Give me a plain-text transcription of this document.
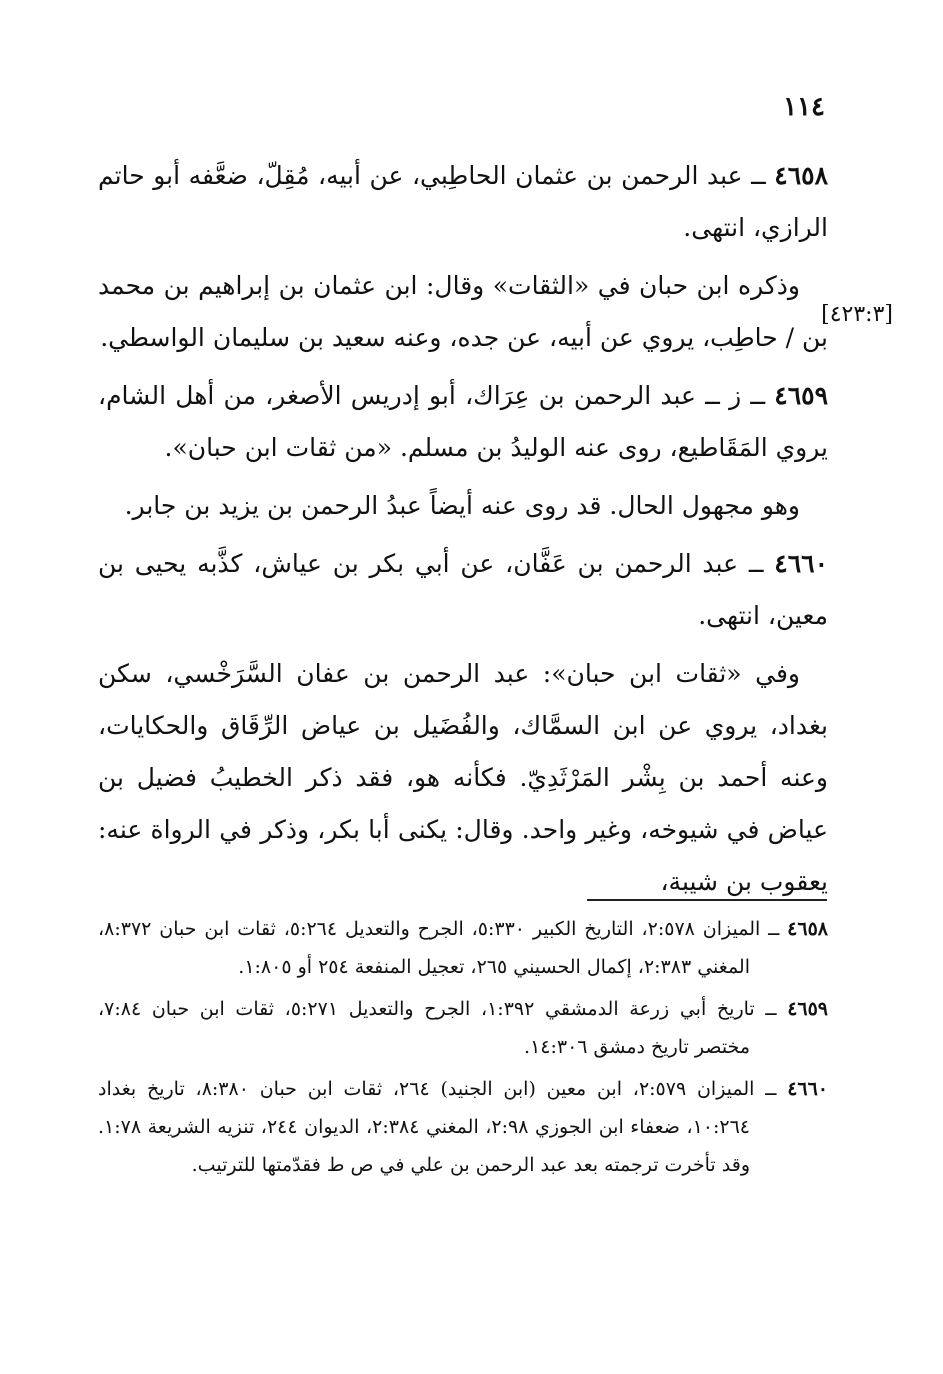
١١٤
[٤٢٣:٣]

٤٦٥٨ ــ عبد الرحمن بن عثمان الحاطِبي، عن أبيه، مُقِلّ، ضعَّفه أبو حاتم الرازي، انتهى.

وذكره ابن حبان في «الثقات» وقال: ابن عثمان بن إبراهيم بن محمد بن / حاطِب، يروي عن أبيه، عن جده، وعنه سعيد بن سليمان الواسطي.

٤٦٥٩ ــ ز ــ عبد الرحمن بن عِرَاك، أبو إدريس الأصغر، من أهل الشام، يروي المَقَاطيع، روى عنه الوليدُ بن مسلم. «من ثقات ابن حبان».

وهو مجهول الحال. قد روى عنه أيضاً عبدُ الرحمن بن يزيد بن جابر.

٤٦٦٠ ــ عبد الرحمن بن عَفَّان، عن أبي بكر بن عياش، كذَّبه يحيى بن معين، انتهى.

وفي «ثقات ابن حبان»: عبد الرحمن بن عفان السَّرَخْسي، سكن بغداد، يروي عن ابن السمَّاك، والفُضَيل بن عياض الرِّقَاق والحكايات، وعنه أحمد بن بِشْر المَرْثَدِيّ. فكأنه هو، فقد ذكر الخطيبُ فضيل بن عياض في شيوخه، وغير واحد. وقال: يكنى أبا بكر، وذكر في الرواة عنه: يعقوب بن شيبة،

٤٦٥٨ ــ الميزان ٢:٥٧٨، التاريخ الكبير ٥:٣٣٠، الجرح والتعديل ٥:٢٦٤، ثقات ابن حبان ٨:٣٧٢، المغني ٢:٣٨٣، إكمال الحسيني ٢٦٥، تعجيل المنفعة ٢٥٤ أو ١:٨٠٥.

٤٦٥٩ ــ تاريخ أبي زرعة الدمشقي ١:٣٩٢، الجرح والتعديل ٥:٢٧١، ثقات ابن حبان ٧:٨٤، مختصر تاريخ دمشق ١٤:٣٠٦.

٤٦٦٠ ــ الميزان ٢:٥٧٩، ابن معين (ابن الجنيد) ٢٦٤، ثقات ابن حبان ٨:٣٨٠، تاريخ بغداد ١٠:٢٦٤، ضعفاء ابن الجوزي ٢:٩٨، المغني ٢:٣٨٤، الديوان ٢٤٤، تنزيه الشريعة ١:٧٨. وقد تأخرت ترجمته بعد عبد الرحمن بن علي في ص ط فقدّمتها للترتيب.
